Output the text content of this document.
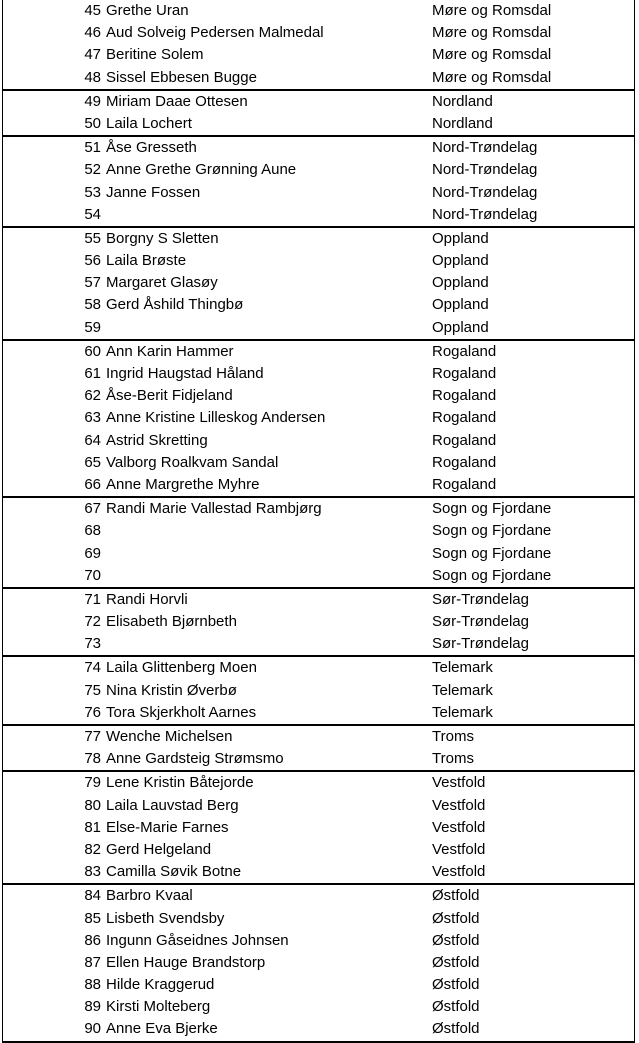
45 Grethe Uran	Møre og Romsdal
46 Aud Solveig Pedersen Malmedal	Møre og Romsdal
47 Beritine Solem	Møre og Romsdal
48 Sissel Ebbesen Bugge	Møre og Romsdal
49 Miriam Daae Ottesen	Nordland
50 Laila Lochert	Nordland
51 Åse Gresseth	Nord-Trøndelag
52 Anne Grethe Grønning Aune	Nord-Trøndelag
53 Janne Fossen	Nord-Trøndelag
54	Nord-Trøndelag
55 Borgny S Sletten	Oppland
56 Laila Brøste	Oppland
57 Margaret Glasøy	Oppland
58 Gerd Åshild Thingbø	Oppland
59	Oppland
60 Ann Karin Hammer	Rogaland
61 Ingrid Haugstad Håland	Rogaland
62 Åse-Berit Fidjeland	Rogaland
63 Anne Kristine Lilleskog Andersen	Rogaland
64 Astrid Skretting	Rogaland
65 Valborg Roalkvam Sandal	Rogaland
66 Anne Margrethe Myhre	Rogaland
67 Randi Marie Vallestad Rambjørg	Sogn og Fjordane
68	Sogn og Fjordane
69	Sogn og Fjordane
70	Sogn og Fjordane
71 Randi Horvli	Sør-Trøndelag
72 Elisabeth Bjørnbeth	Sør-Trøndelag
73	Sør-Trøndelag
74 Laila Glittenberg Moen	Telemark
75 Nina Kristin Øverbø	Telemark
76 Tora Skjerkholt Aarnes	Telemark
77 Wenche Michelsen	Troms
78 Anne Gardsteig Strømsmo	Troms
79 Lene Kristin Båtejorde	Vestfold
80 Laila Lauvstad Berg	Vestfold
81 Else-Marie Farnes	Vestfold
82 Gerd Helgeland	Vestfold
83 Camilla Søvik Botne	Vestfold
84 Barbro Kvaal	Østfold
85 Lisbeth Svendsby	Østfold
86 Ingunn Gåseidnes Johnsen	Østfold
87 Ellen Hauge Brandstorp	Østfold
88 Hilde Kraggerud	Østfold
89 Kirsti Molteberg	Østfold
90 Anne Eva Bjerke	Østfold
